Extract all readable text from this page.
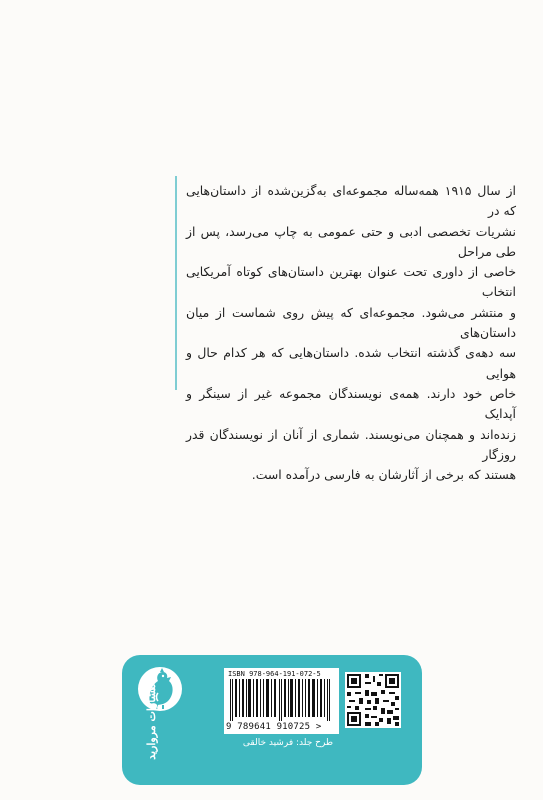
از سال ۱۹۱۵ همه‌ساله مجموعه‌ای به‌گزین‌شده از داستان‌هایی که در

نشریات تخصصی ادبی و حتی عمومی به چاپ می‌رسد، پس از طی مراحل

خاصی از داوری تحت عنوان بهترین داستان‌های کوتاه آمریکایی انتخاب

و منتشر می‌شود. مجموعه‌ای که پیش روی شماست از میان داستان‌های

سه دهه‌ی گذشته انتخاب شده. داستان‌هایی که هر کدام حال و هوایی

خاص خود دارند. همه‌ی نویسندگان مجموعه غیر از سینگر و آپدایک

زنده‌اند و همچنان می‌نویسند. شماری از آنان از نویسندگان قدر روزگار

هستند که برخی از آثارشان به فارسی درآمده است.

انتشارات مروارید
ISBN 978-964-191-072-5
9 789641 910725 >
طرح جلد: فرشید خالقی
